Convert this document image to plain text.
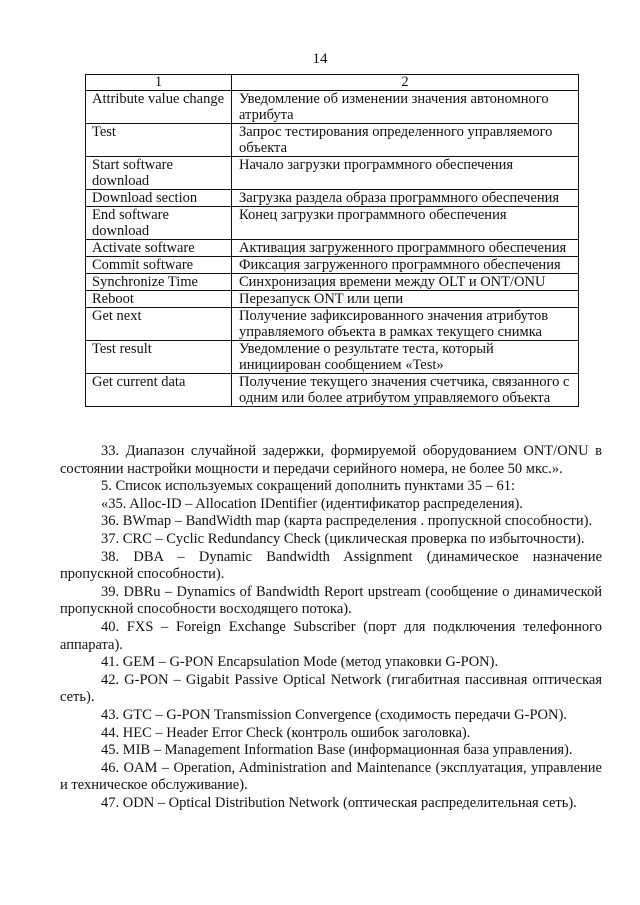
14
1	2
Attribute value change	Уведомление об изменении значения автономного атрибута
Test	Запрос тестирования определенного управляемого объекта
Start software download	Начало загрузки программного обеспечения
Download section	Загрузка раздела образа программного обеспечения
End software download	Конец загрузки программного обеспечения
Activate software	Активация загруженного программного обеспечения
Commit software	Фиксация загруженного программного обеспечения
Synchronize Time	Синхронизация времени между OLT и ONT/ONU
Reboot	Перезапуск ONT или цепи
Get next	Получение зафиксированного значения атрибутов управляемого объекта в рамках текущего снимка
Test result	Уведомление о результате теста, который инициирован сообщением «Test»
Get current data	Получение текущего значения счетчика, связанного с одним или более атрибутом управляемого объекта

33. Диапазон случайной задержки, формируемой оборудованием ONT/ONU в состоянии настройки мощности и передачи серийного номера, не более 50 мкс.».

5. Список используемых сокращений дополнить пунктами 35 – 61:

«35. Alloc-ID – Allocation IDentifier (идентификатор распределения).

36. BWmap – BandWidth map (карта распределения . пропускной способности).

37. CRC – Cyclic Redundancy Check (циклическая проверка по избыточности).

38. DBA – Dynamic Bandwidth Assignment (динамическое назначение пропускной способности).

39. DBRu – Dynamics of Bandwidth Report upstream (сообщение о динамической пропускной способности восходящего потока).

40. FXS – Foreign Exchange Subscriber (порт для подключения телефонного аппарата).

41. GEM – G-PON Encapsulation Mode (метод упаковки G-PON).

42. G-PON – Gigabit Passive Optical Network (гигабитная пассивная оптическая сеть).

43. GTC – G-PON Transmission Convergence (сходимость передачи G-PON).

44. HEC – Header Error Check (контроль ошибок заголовка).

45. MIB – Management Information Base (информационная база управления).

46. OAM – Operation, Administration and Maintenance (эксплуатация, управление и техническое обслуживание).

47. ODN – Optical Distribution Network (оптическая распределительная сеть).
